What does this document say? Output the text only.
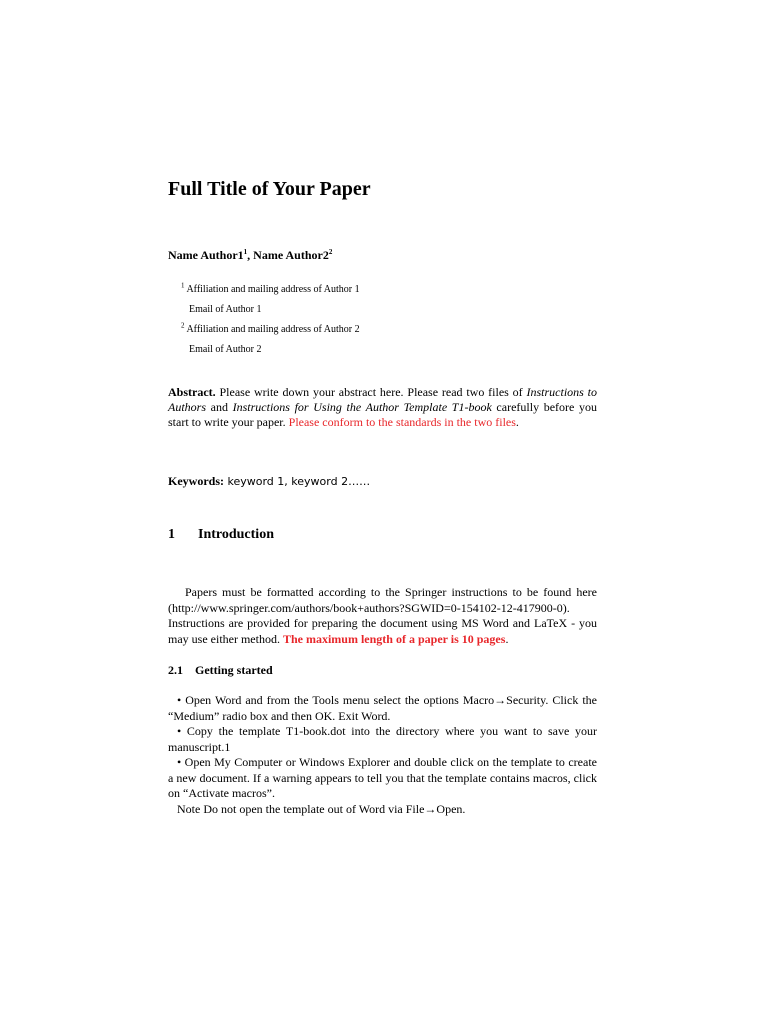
Full Title of Your Paper
Name $Author1^1$, Name $Author2^2$
$^1$ Affiliation and mailing address of Author 1
Email of Author 1
$^2$ Affiliation and mailing address of Author 2
Email of Author 2
Abstract. Please write down your abstract here. Please read two files of Instructions to Authors and Instructions for Using the Author Template T1-book carefully before you start to write your paper. Please conform to the standards in the two files.
Keywords: keyword 1, keyword 2……
1 Introduction

Papers must be formatted according to the Springer instructions to be found here (http://www.springer.com/authors/book+authors?SGWID=0-154102-12-417900-0). Instructions are provided for preparing the document using MS Word and LaTeX - you may use either method. The maximum length of a paper is 10 pages.

2.1 Getting started

• Open Word and from the Tools menu select the options Macro→Security. Click the “Medium” radio box and then OK. Exit Word.

• Copy the template T1-book.dot into the directory where you want to save your manuscript.1

• Open My Computer or Windows Explorer and double click on the template to create a new document. If a warning appears to tell you that the template contains macros, click on “Activate macros”.

Note Do not open the template out of Word via File→Open.
